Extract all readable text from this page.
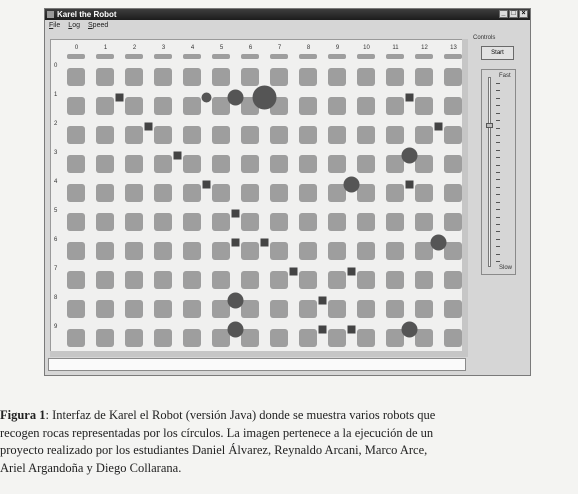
Karel the Robot	_ □ ×
File Log Speed
0	1	2	3	4	5	6	7	8	9	10	11	12	13
0
1
2
3
4
5
6
7
8
9
Controls
Start
Fast
Slow
Figura 1: Interfaz de Karel el Robot (versión Java) donde se muestra varios robots que
recogen rocas representadas por los círculos. La imagen pertenece a la ejecución de un
proyecto realizado por los estudiantes Daniel Álvarez, Reynaldo Arcani, Marco Arce,
Ariel Argandoña y Diego Collarana.
